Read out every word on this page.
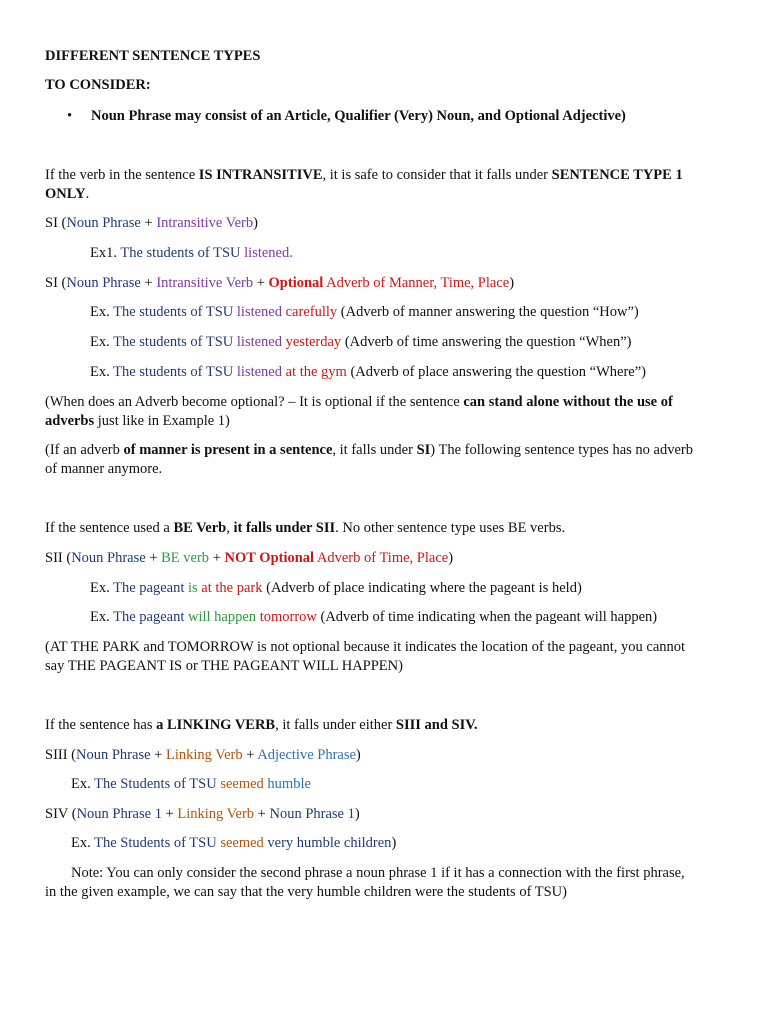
DIFFERENT SENTENCE TYPES
TO CONSIDER:
• Noun Phrase may consist of an Article, Qualifier (Very) Noun, and Optional Adjective)
If the verb in the sentence IS INTRANSITIVE, it is safe to consider that it falls under SENTENCE TYPE 1
ONLY.
SI (Noun Phrase + Intransitive Verb)
Ex1. The students of TSU listened.
SI (Noun Phrase + Intransitive Verb + Optional Adverb of Manner, Time, Place)
Ex. The students of TSU listened carefully (Adverb of manner answering the question “How”)
Ex. The students of TSU listened yesterday (Adverb of time answering the question “When”)
Ex. The students of TSU listened at the gym (Adverb of place answering the question “Where”)
(When does an Adverb become optional? – It is optional if the sentence can stand alone without the use of
adverbs just like in Example 1)
(If an adverb of manner is present in a sentence, it falls under SI) The following sentence types has no adverb
of manner anymore.
If the sentence used a BE Verb, it falls under SII. No other sentence type uses BE verbs.
SII (Noun Phrase + BE verb + NOT Optional Adverb of Time, Place)
Ex. The pageant is at the park (Adverb of place indicating where the pageant is held)
Ex. The pageant will happen tomorrow (Adverb of time indicating when the pageant will happen)
(AT THE PARK and TOMORROW is not optional because it indicates the location of the pageant, you cannot
say THE PAGEANT IS or THE PAGEANT WILL HAPPEN)
If the sentence has a LINKING VERB, it falls under either SIII and SIV.
SIII (Noun Phrase + Linking Verb + Adjective Phrase)
Ex. The Students of TSU seemed humble
SIV (Noun Phrase 1 + Linking Verb + Noun Phrase 1)
Ex. The Students of TSU seemed very humble children)
Note: You can only consider the second phrase a noun phrase 1 if it has a connection with the first phrase,
in the given example, we can say that the very humble children were the students of TSU)
